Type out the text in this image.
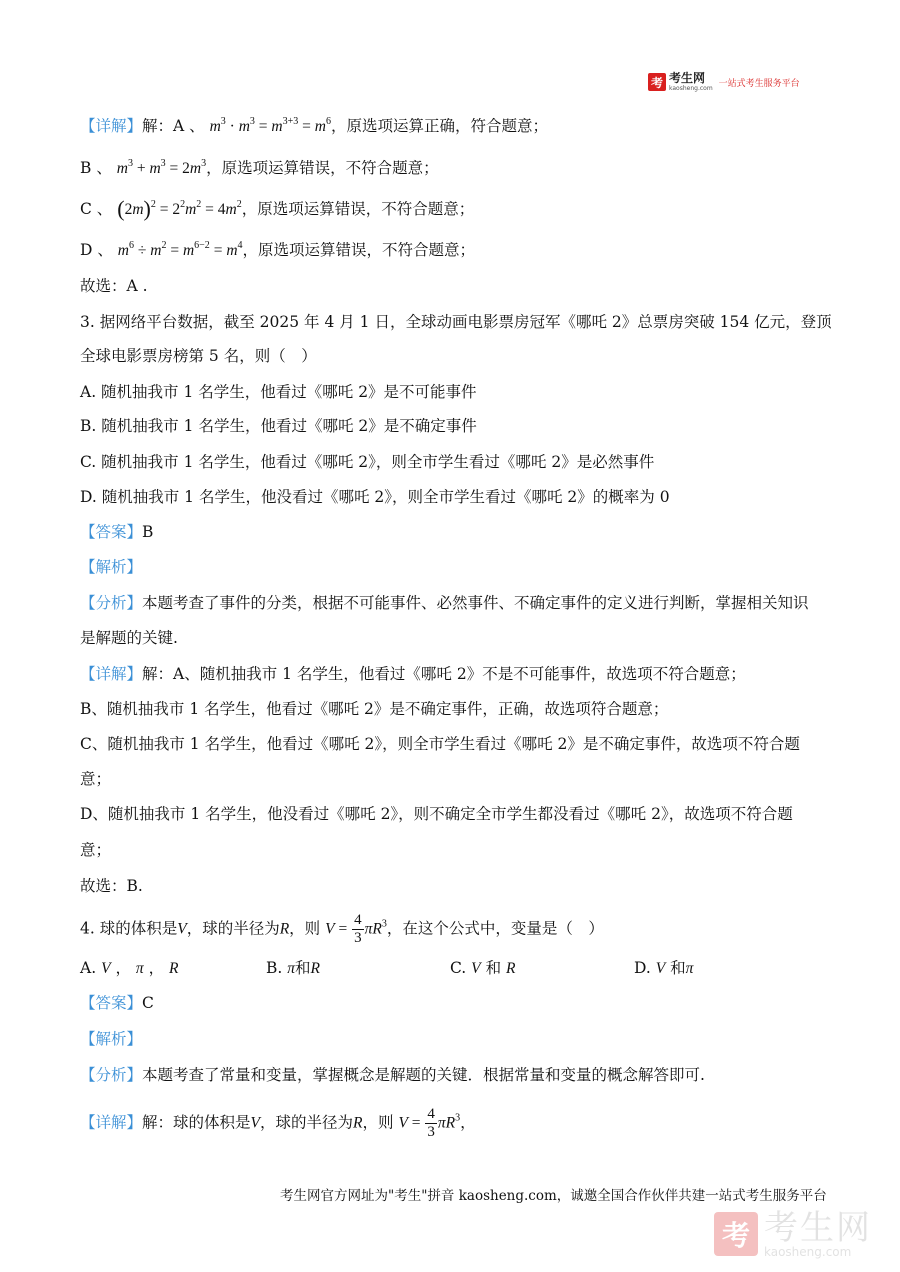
考 考生网
kaosheng.com 一站式考生服务平台
【详解】解：A 、 $m^3 \cdot m^3 = m^{3+3} = m^6$，原选项运算正确，符合题意；
B 、 $m^3 + m^3 = 2m^3$，原选项运算错误，不符合题意；
C 、 $(2m)^2 = 2^2m^2 = 4m^2$，原选项运算错误，不符合题意；
D 、 $m^6 \div m^2 = m^{6-2} = m^4$，原选项运算错误，不符合题意；
故选：A .
3. 据网络平台数据，截至 2025 年 4 月 1 日，全球动画电影票房冠军《哪吒 2》总票房突破 154 亿元，登顶
全球电影票房榜第 5 名，则（　）
A. 随机抽我市 1 名学生，他看过《哪吒 2》是不可能事件
B. 随机抽我市 1 名学生，他看过《哪吒 2》是不确定事件
C. 随机抽我市 1 名学生，他看过《哪吒 2》，则全市学生看过《哪吒 2》是必然事件
D. 随机抽我市 1 名学生，他没看过《哪吒 2》，则全市学生看过《哪吒 2》的概率为 0
【答案】B
【解析】
【分析】本题考查了事件的分类，根据不可能事件、必然事件、不确定事件的定义进行判断，掌握相关知识
是解题的关键.
【详解】解：A、随机抽我市 1 名学生，他看过《哪吒 2》不是不可能事件，故选项不符合题意；
B、随机抽我市 1 名学生，他看过《哪吒 2》是不确定事件，正确，故选项符合题意；
C、随机抽我市 1 名学生，他看过《哪吒 2》，则全市学生看过《哪吒 2》是不确定事件，故选项不符合题
意；
D、随机抽我市 1 名学生，他没看过《哪吒 2》，则不确定全市学生都没看过《哪吒 2》，故选项不符合题
意；
故选：B.
4. 球的体积是V，球的半径为R，则 $V = \frac{4}{3} \pi R^3$，在这个公式中，变量是（　）
A. V ， π ， R	B. π和R	C. V 和 R	D. V 和π
【答案】C
【解析】
【分析】本题考查了常量和变量，掌握概念是解题的关键．根据常量和变量的概念解答即可.
【详解】解：球的体积是V，球的半径为R，则 $V = \frac{4}{3} \pi R^3$，
考生网官方网址为"考生"拼音 kaosheng.com，诚邀全国合作伙伴共建一站式考生服务平台
考 考生网
kaosheng.com
